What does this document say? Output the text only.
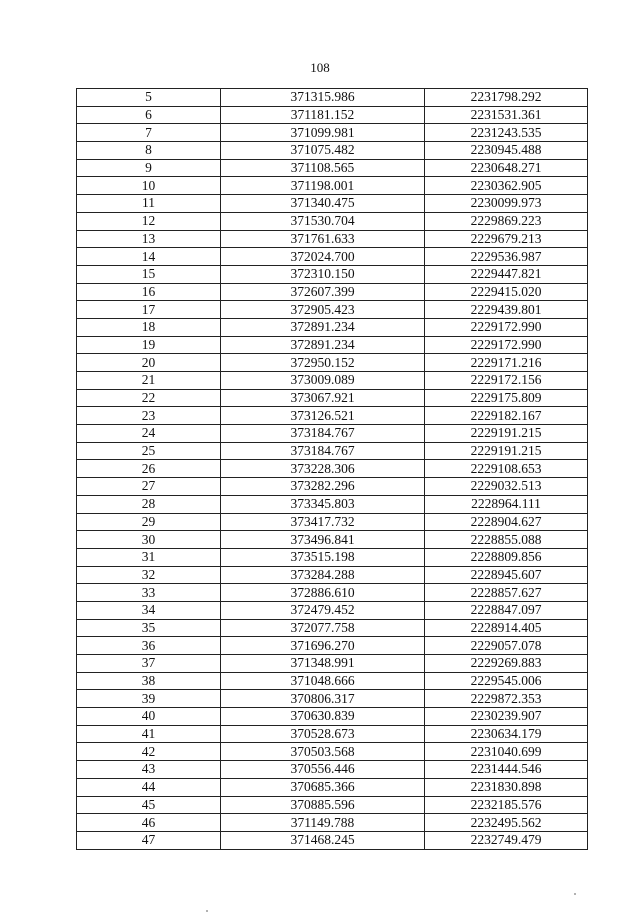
108
5	371315.986	2231798.292
6	371181.152	2231531.361
7	371099.981	2231243.535
8	371075.482	2230945.488
9	371108.565	2230648.271
10	371198.001	2230362.905
11	371340.475	2230099.973
12	371530.704	2229869.223
13	371761.633	2229679.213
14	372024.700	2229536.987
15	372310.150	2229447.821
16	372607.399	2229415.020
17	372905.423	2229439.801
18	372891.234	2229172.990
19	372891.234	2229172.990
20	372950.152	2229171.216
21	373009.089	2229172.156
22	373067.921	2229175.809
23	373126.521	2229182.167
24	373184.767	2229191.215
25	373184.767	2229191.215
26	373228.306	2229108.653
27	373282.296	2229032.513
28	373345.803	2228964.111
29	373417.732	2228904.627
30	373496.841	2228855.088
31	373515.198	2228809.856
32	373284.288	2228945.607
33	372886.610	2228857.627
34	372479.452	2228847.097
35	372077.758	2228914.405
36	371696.270	2229057.078
37	371348.991	2229269.883
38	371048.666	2229545.006
39	370806.317	2229872.353
40	370630.839	2230239.907
41	370528.673	2230634.179
42	370503.568	2231040.699
43	370556.446	2231444.546
44	370685.366	2231830.898
45	370885.596	2232185.576
46	371149.788	2232495.562
47	371468.245	2232749.479
